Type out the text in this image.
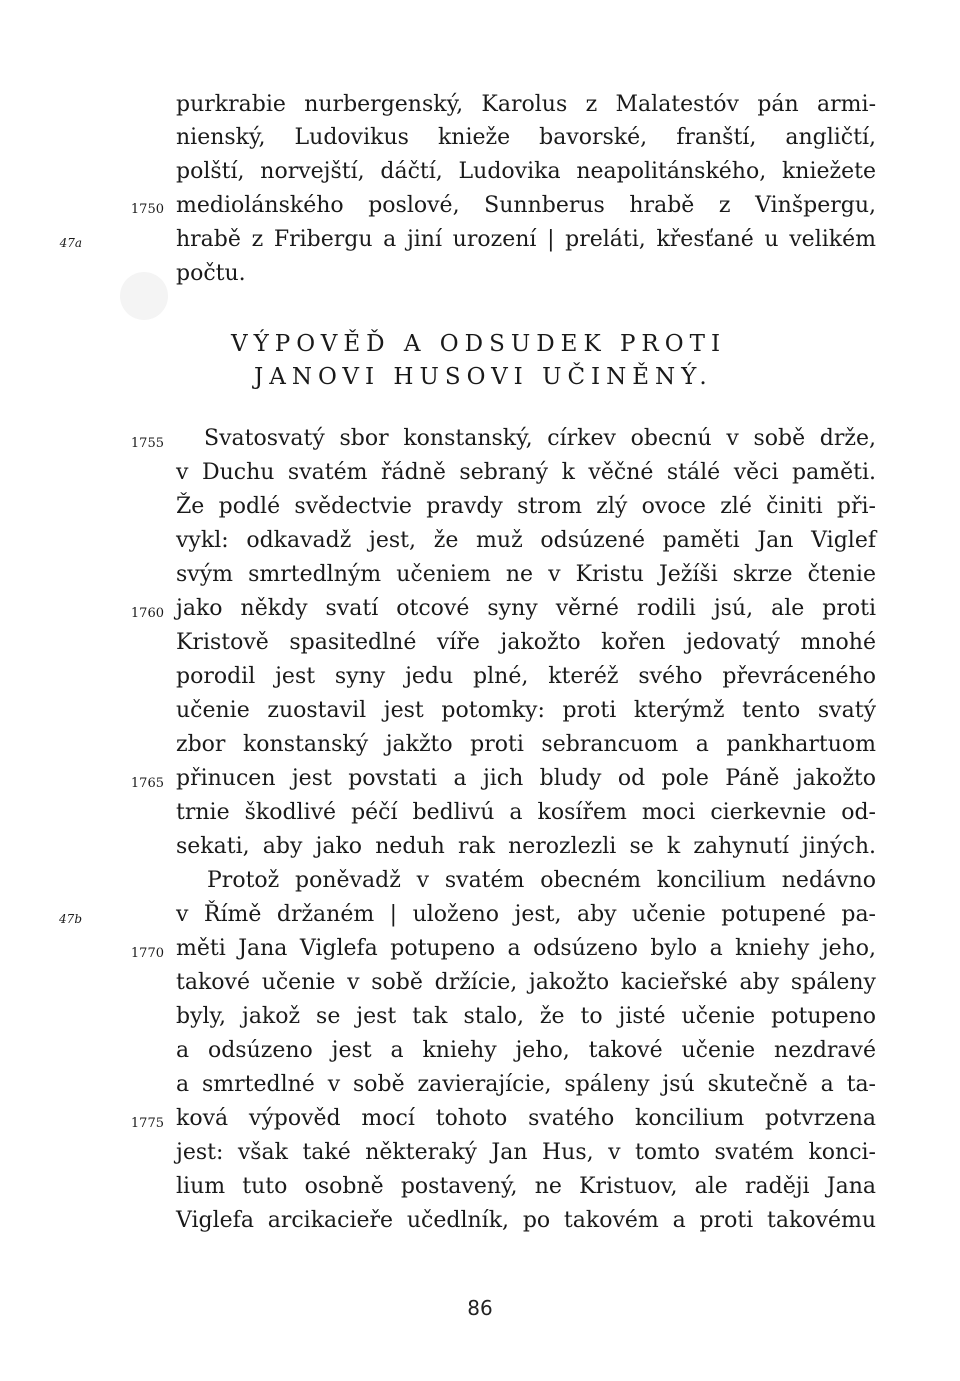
purkrabie nurbergenský, Karolus z Malatestóv pán armi-

nienský, Ludovikus knieže bavorské, franští, angličtí,

polští, norvejští, dáčtí, Ludovika neapolitánského, kniežete

mediolánského poslové, Sunnberus hrabě z Vinšpergu,

hrabě z Fribergu a jiní urození | preláti, křesťané u velikém

počtu.

VÝPOVĚĎ A ODSUDEK PROTI

JANOVI HUSOVI UČINĚNÝ.

Svatosvatý sbor konstanský, církev obecnú v sobě drže,

v Duchu svatém řádně sebraný k věčné stálé věci paměti.

Že podlé svědectvie pravdy strom zlý ovoce zlé činiti při-

vykl: odkavadž jest, že muž odsúzené paměti Jan Viglef

svým smrtedlným učeniem ne v Kristu Ježíši skrze čtenie

jako někdy svatí otcové syny věrné rodili jsú, ale proti

Kristově spasitedlné víře jakožto kořen jedovatý mnohé

porodil jest syny jedu plné, kteréž svého převráceného

učenie zuostavil jest potomky: proti kterýmž tento svatý

zbor konstanský jakžto proti sebrancuom a pankhartuom

přinucen jest povstati a jich bludy od pole Páně jakožto

trnie škodlivé péčí bedlivú a kosířem moci cierkevnie od-

sekati, aby jako neduh rak nerozlezli se k zahynutí jiných.

Protož poněvadž v svatém obecném koncilium nedávno

v Římě držaném | uloženo jest, aby učenie potupené pa-

měti Jana Viglefa potupeno a odsúzeno bylo a kniehy jeho,

takové učenie v sobě držície, jakožto kacieřské aby spáleny

byly, jakož se jest tak stalo, že to jisté učenie potupeno

a odsúzeno jest a kniehy jeho, takové učenie nezdravé

a smrtedlné v sobě zavierajície, spáleny jsú skutečně a ta-

ková výpověd mocí tohoto svatého koncilium potvrzena

jest: však také některaký Jan Hus, v tomto svatém konci-

lium tuto osobně postavený, ne Kristuov, ale raději Jana

Viglefa arcikacieře učedlník, po takovém a proti takovému

1750

1755

1760

1765

1770

1775

47a

47b

86
